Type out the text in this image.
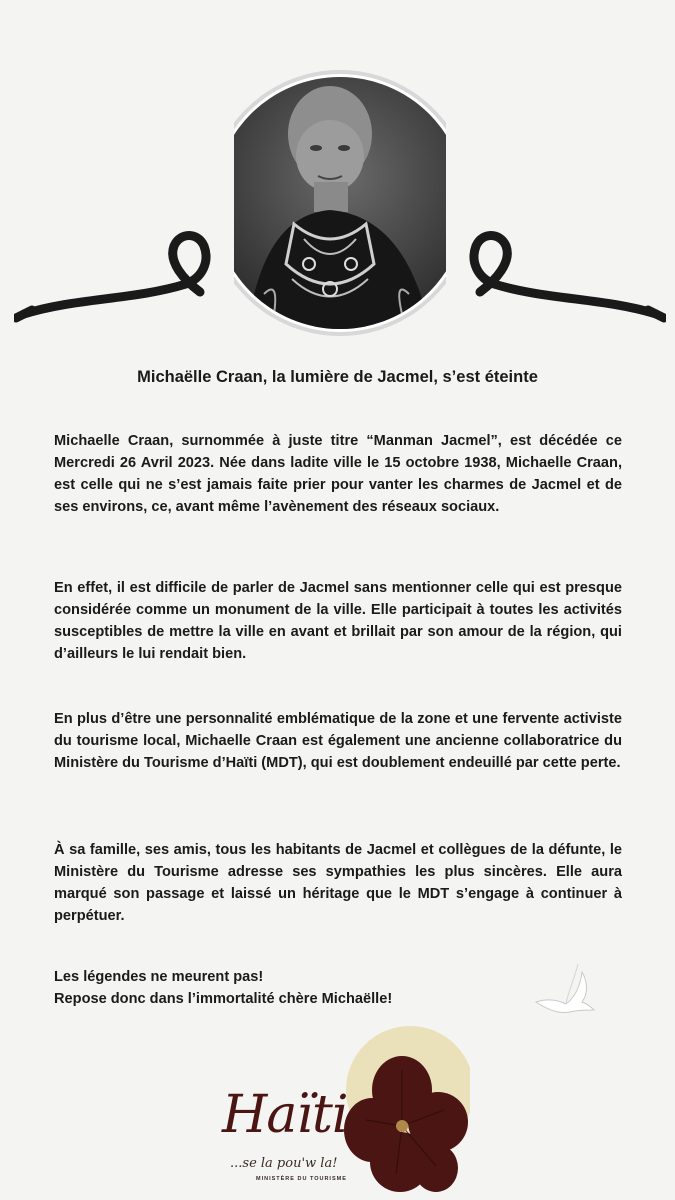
Michaëlle Craan, la lumière de Jacmel, s’est éteinte

Michaelle Craan, surnommée à juste titre “Manman Jacmel”, est décédée ce Mercredi 26 Avril 2023. Née dans ladite ville le 15 octobre 1938, Michaelle Craan, est celle qui ne s’est jamais faite prier pour vanter les charmes de Jacmel et de ses environs, ce, avant même l’avènement des réseaux sociaux.

En effet, il est difficile de parler de Jacmel sans mentionner celle qui est presque considérée comme un monument de la ville. Elle participait à toutes les activités susceptibles de mettre la ville en avant et brillait par son amour de la région, qui d’ailleurs le lui rendait bien.

En plus d’être une personnalité emblématique de la zone et une fervente activiste du tourisme local, Michaelle Craan est également une ancienne collaboratrice du Ministère du Tourisme d’Haïti (MDT), qui est doublement endeuillé par cette perte.

À sa famille, ses amis, tous les habitants de Jacmel et collègues de la défunte, le Ministère du Tourisme adresse ses sympathies les plus sincères. Elle aura marqué son passage et laissé un héritage que le MDT s’engage à continuer à perpétuer.

Les légendes ne meurent pas!
Repose donc dans l’immortalité chère Michaëlle!
Haïti
...se la pou'w la!
MINISTÈRE DU TOURISME
